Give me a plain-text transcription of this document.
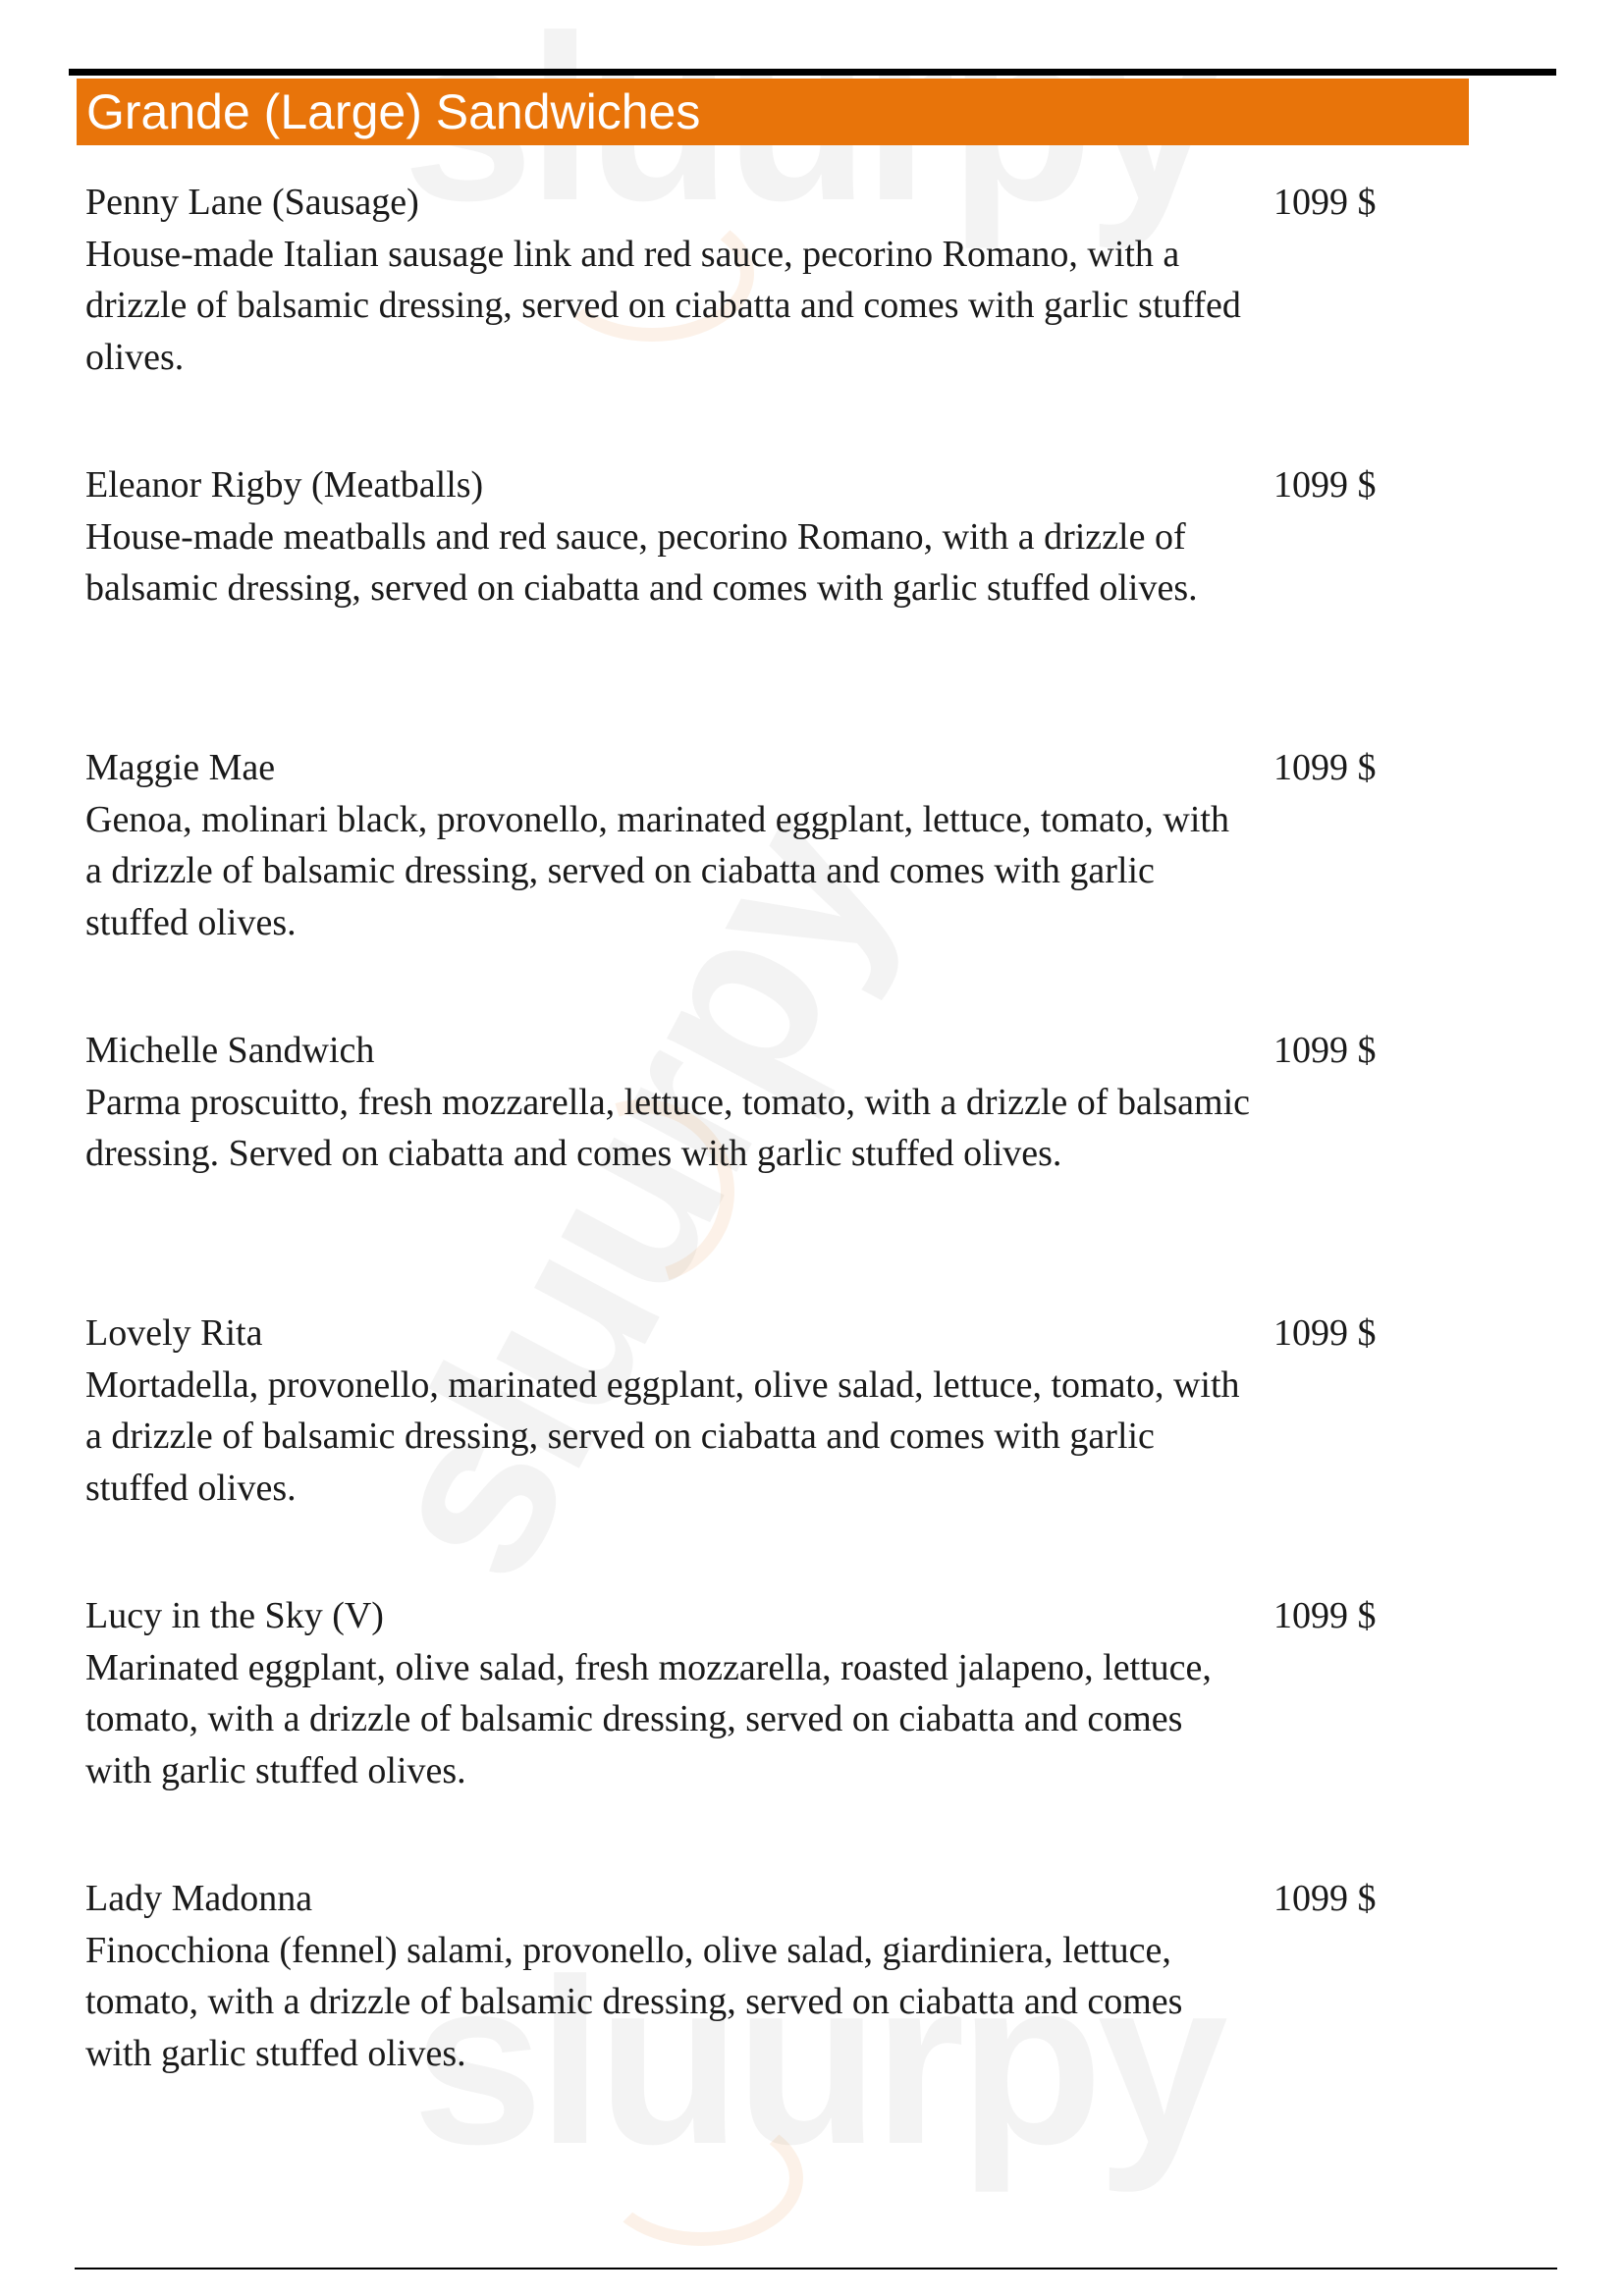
Grande (Large) Sandwiches
Penny Lane (Sausage)
House-made Italian sausage link and red sauce, pecorino Romano, with a drizzle of balsamic dressing, served on ciabatta and comes with garlic stuffed olives.
1099 $
Eleanor Rigby (Meatballs)
House-made meatballs and red sauce, pecorino Romano, with a drizzle of balsamic dressing, served on ciabatta and comes with garlic stuffed olives.
1099 $
Maggie Mae
Genoa, molinari black, provonello, marinated eggplant, lettuce, tomato, with a drizzle of balsamic dressing, served on ciabatta and comes with garlic stuffed olives.
1099 $
Michelle Sandwich
Parma proscuitto, fresh mozzarella, lettuce, tomato, with a drizzle of balsamic dressing. Served on ciabatta and comes with garlic stuffed olives.
1099 $
Lovely Rita
Mortadella, provonello, marinated eggplant, olive salad, lettuce, tomato, with a drizzle of balsamic dressing, served on ciabatta and comes with garlic stuffed olives.
1099 $
Lucy in the Sky (V)
Marinated eggplant, olive salad, fresh mozzarella, roasted jalapeno, lettuce, tomato, with a drizzle of balsamic dressing, served on ciabatta and comes with garlic stuffed olives.
1099 $
Lady Madonna
Finocchiona (fennel) salami, provonello, olive salad, giardiniera, lettuce, tomato, with a drizzle of balsamic dressing, served on ciabatta and comes with garlic stuffed olives.
1099 $
